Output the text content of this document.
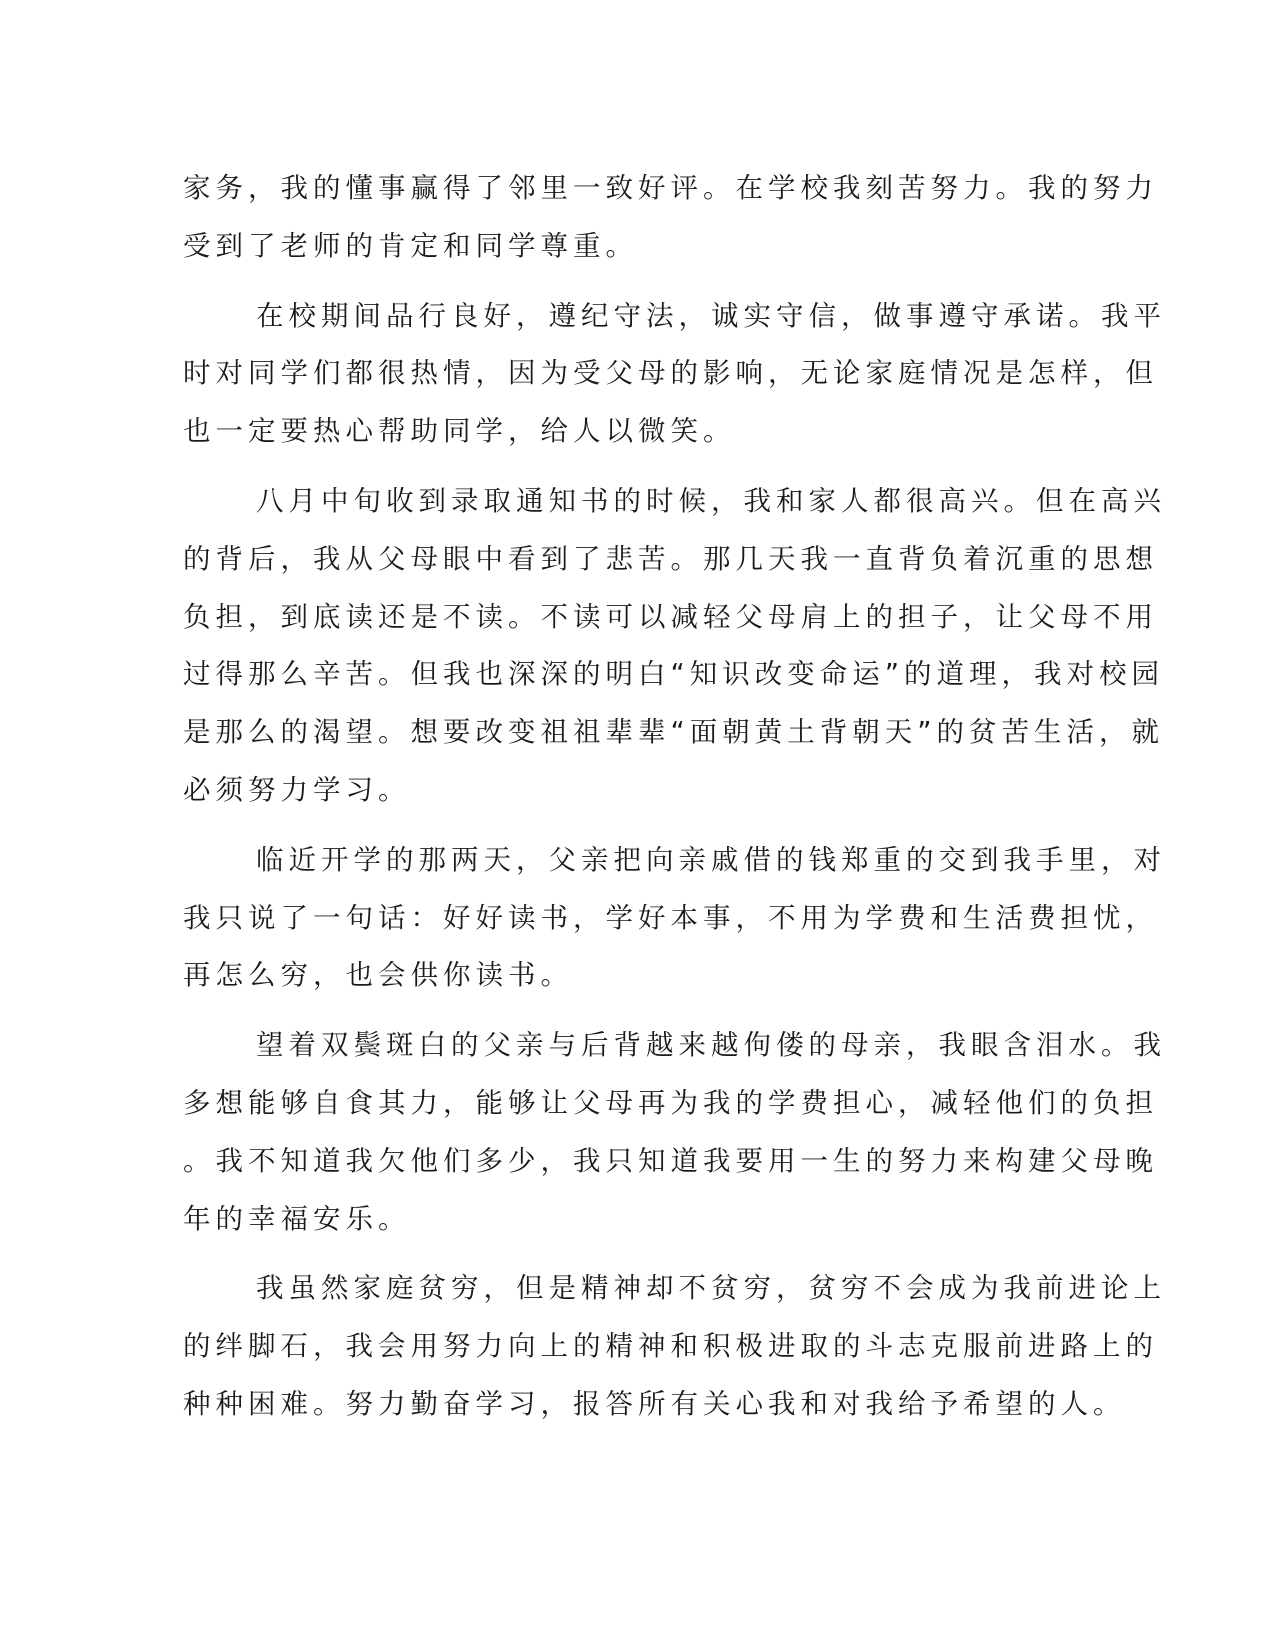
家务，我的懂事赢得了邻里一致好评。在学校我刻苦努力。我的努力
受到了老师的肯定和同学尊重。
在校期间品行良好，遵纪守法，诚实守信，做事遵守承诺。我平
时对同学们都很热情，因为受父母的影响，无论家庭情况是怎样，但
也一定要热心帮助同学，给人以微笑。
八月中旬收到录取通知书的时候，我和家人都很高兴。但在高兴
的背后，我从父母眼中看到了悲苦。那几天我一直背负着沉重的思想
负担，到底读还是不读。不读可以减轻父母肩上的担子，让父母不用
过得那么辛苦。但我也深深的明白“知识改变命运”的道理，我对校园
是那么的渴望。想要改变祖祖辈辈“面朝黄土背朝天”的贫苦生活，就
必须努力学习。
临近开学的那两天，父亲把向亲戚借的钱郑重的交到我手里，对
我只说了一句话：好好读书，学好本事，不用为学费和生活费担忧，
再怎么穷，也会供你读书。
望着双鬓斑白的父亲与后背越来越佝偻的母亲，我眼含泪水。我
多想能够自食其力，能够让父母再为我的学费担心，减轻他们的负担
。我不知道我欠他们多少，我只知道我要用一生的努力来构建父母晚
年的幸福安乐。
我虽然家庭贫穷，但是精神却不贫穷，贫穷不会成为我前进论上
的绊脚石，我会用努力向上的精神和积极进取的斗志克服前进路上的
种种困难。努力勤奋学习，报答所有关心我和对我给予希望的人。
